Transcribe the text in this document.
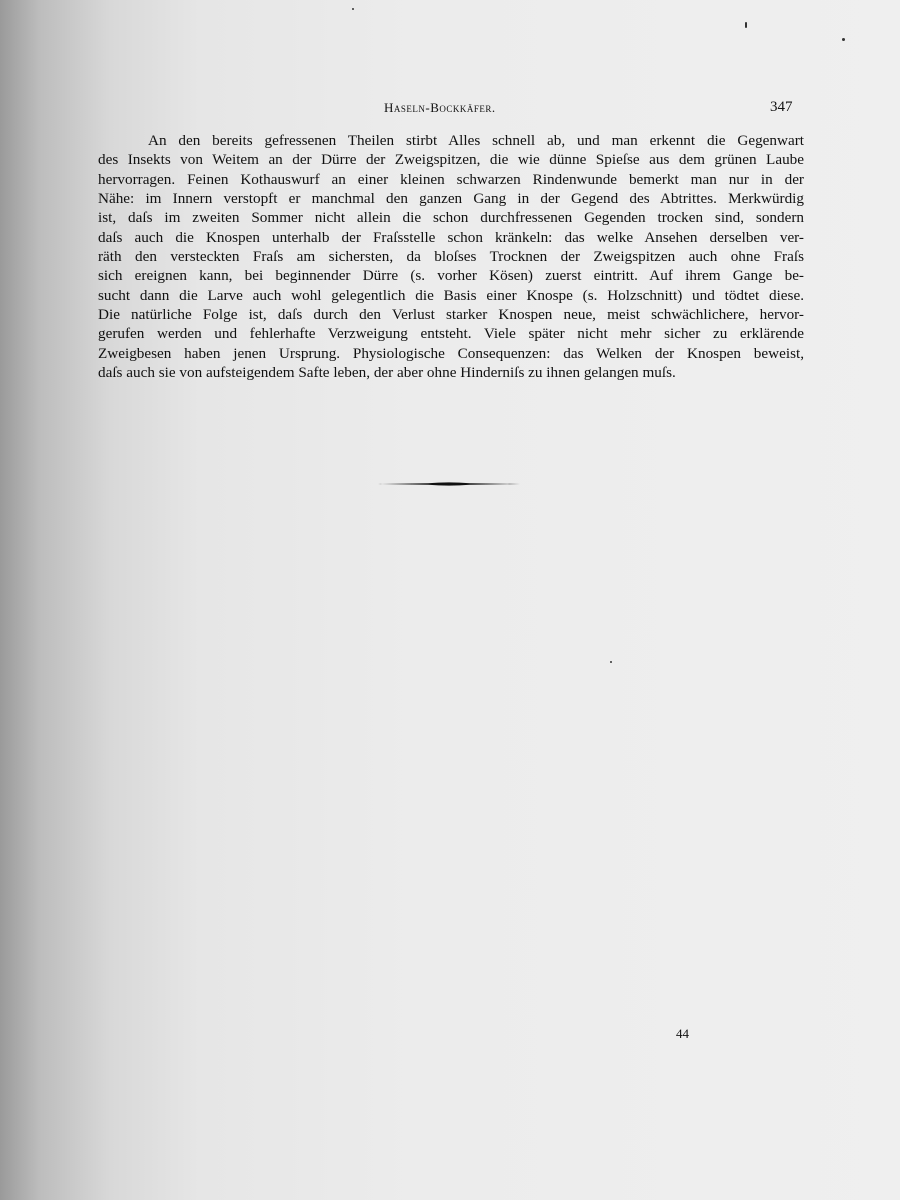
Haseln-Bockkäfer.	347
An den bereits gefressenen Theilen stirbt Alles schnell ab, und man erkennt die Gegenwart
des Insekts von Weitem an der Dürre der Zweigspitzen, die wie dünne Spieſse aus dem grünen Laube
hervorragen. Feinen Kothauswurf an einer kleinen schwarzen Rindenwunde bemerkt man nur in der
Nähe: im Innern verstopft er manchmal den ganzen Gang in der Gegend des Abtrittes. Merkwürdig
ist, daſs im zweiten Sommer nicht allein die schon durchfressenen Gegenden trocken sind, sondern
daſs auch die Knospen unterhalb der Fraſsstelle schon kränkeln: das welke Ansehen derselben ver-
räth den versteckten Fraſs am sichersten, da bloſses Trocknen der Zweigspitzen auch ohne Fraſs
sich ereignen kann, bei beginnender Dürre (s. vorher Kösen) zuerst eintritt. Auf ihrem Gange be-
sucht dann die Larve auch wohl gelegentlich die Basis einer Knospe (s. Holzschnitt) und tödtet diese.
Die natürliche Folge ist, daſs durch den Verlust starker Knospen neue, meist schwächlichere, hervor-
gerufen werden und fehlerhafte Verzweigung entsteht. Viele später nicht mehr sicher zu erklärende
Zweigbesen haben jenen Ursprung. Physiologische Consequenzen: das Welken der Knospen beweist,
daſs auch sie von aufsteigendem Safte leben, der aber ohne Hinderniſs zu ihnen gelangen muſs.
44
